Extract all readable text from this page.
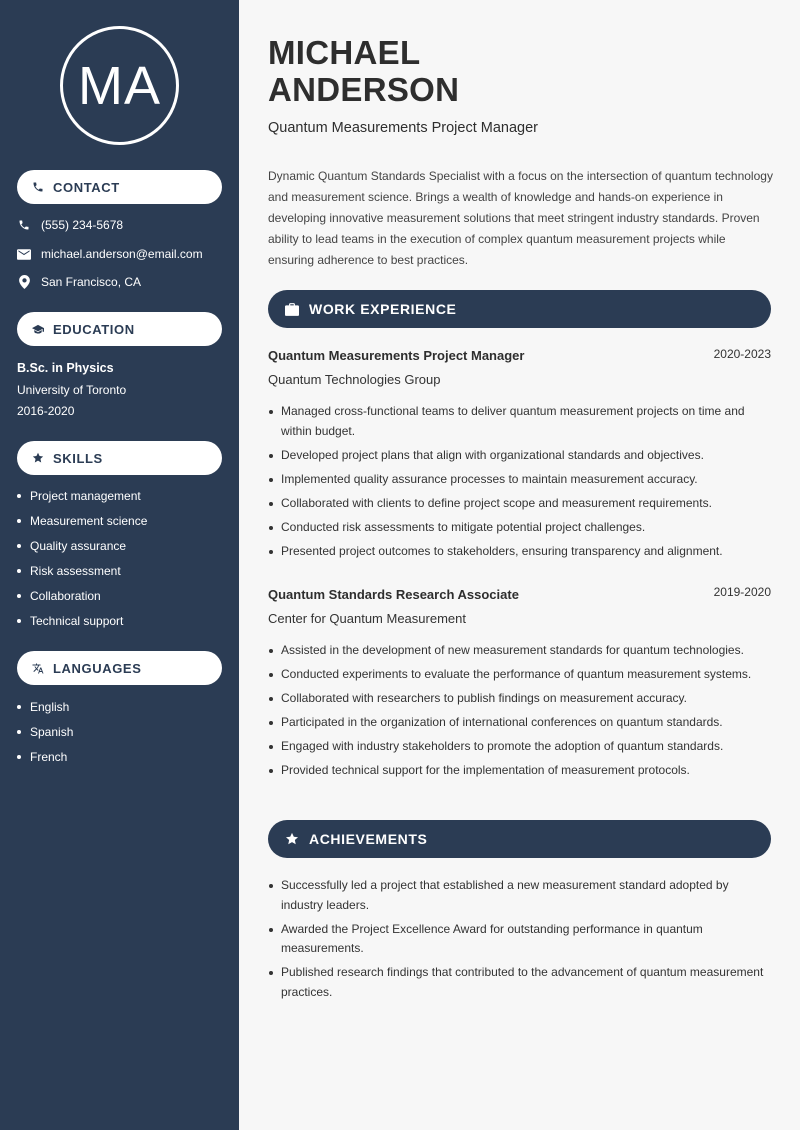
MA
CONTACT
(555) 234-5678
michael.anderson@email.com
San Francisco, CA
EDUCATION
B.Sc. in Physics
University of Toronto
2016-2020
SKILLS
Project management
Measurement science
Quality assurance
Risk assessment
Collaboration
Technical support
LANGUAGES
English
Spanish
French
MICHAEL
ANDERSON
Quantum Measurements Project Manager
Dynamic Quantum Standards Specialist with a focus on the intersection of quantum technology and measurement science. Brings a wealth of knowledge and hands-on experience in developing innovative measurement solutions that meet stringent industry standards. Proven ability to lead teams in the execution of complex quantum measurement projects while ensuring adherence to best practices.
WORK EXPERIENCE
Quantum Measurements Project Manager	2020-2023
Quantum Technologies Group
Managed cross-functional teams to deliver quantum measurement projects on time and within budget.
Developed project plans that align with organizational standards and objectives.
Implemented quality assurance processes to maintain measurement accuracy.
Collaborated with clients to define project scope and measurement requirements.
Conducted risk assessments to mitigate potential project challenges.
Presented project outcomes to stakeholders, ensuring transparency and alignment.
Quantum Standards Research Associate	2019-2020
Center for Quantum Measurement
Assisted in the development of new measurement standards for quantum technologies.
Conducted experiments to evaluate the performance of quantum measurement systems.
Collaborated with researchers to publish findings on measurement accuracy.
Participated in the organization of international conferences on quantum standards.
Engaged with industry stakeholders to promote the adoption of quantum standards.
Provided technical support for the implementation of measurement protocols.
ACHIEVEMENTS
Successfully led a project that established a new measurement standard adopted by industry leaders.
Awarded the Project Excellence Award for outstanding performance in quantum measurements.
Published research findings that contributed to the advancement of quantum measurement practices.
